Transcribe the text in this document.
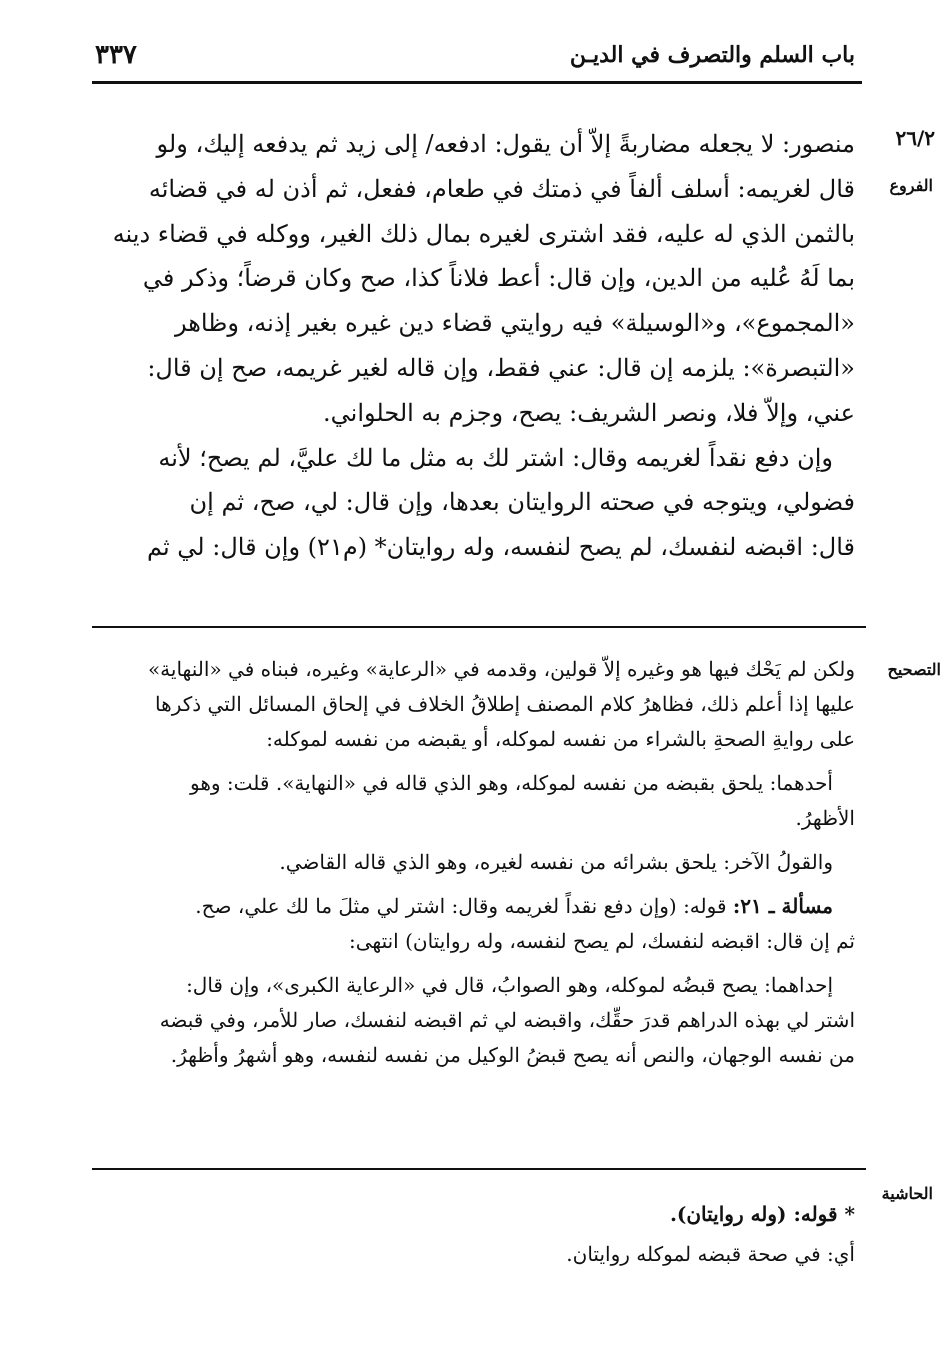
باب السلم والتصرف في الديـن
٣٣٧
٢٦/٢
الفروع
التصحيح
الحاشية
منصور: لا يجعله مضاربةً إلاّ أن يقول: ادفعه/ إلى زيد ثم يدفعه إليك، ولو
قال لغريمه: أسلف ألفاً في ذمتك في طعام، ففعل، ثم أذن له في قضائه
بالثمن الذي له عليه، فقد اشترى لغيره بمال ذلك الغير، ووكله في قضاء دينه
بما لَهُ عُليه من الدين، وإن قال: أعط فلاناً كذا، صح وكان قرضاً؛ وذكر في
«المجموع»، و«الوسيلة» فيه روايتي قضاء دين غيره بغير إذنه، وظاهر
«التبصرة»: يلزمه إن قال: عني فقط، وإن قاله لغير غريمه، صح إن قال:
عني، وإلاّ فلا، ونصر الشريف: يصح، وجزم به الحلواني.
وإن دفع نقداً لغريمه وقال: اشتر لك به مثل ما لك عليَّ، لم يصح؛ لأنه
فضولي، ويتوجه في صحته الروايتان بعدها، وإن قال: لي، صح، ثم إن
قال: اقبضه لنفسك، لم يصح لنفسه، وله روايتان* (م٢١) وإن قال: لي ثم
ولكن لم يَحْك فيها هو وغيره إلاّ قولين، وقدمه في «الرعاية» وغيره، فبناه في «النهاية»
عليها إذا أعلم ذلك، فظاهرُ كلام المصنف إطلاقُ الخلاف في إلحاق المسائل التي ذكرها
على روايةِ الصحةِ بالشراء من نفسه لموكله، أو يقبضه من نفسه لموكله:
أحدهما: يلحق بقبضه من نفسه لموكله، وهو الذي قاله في «النهاية». قلت: وهو
الأظهرُ.
والقولُ الآخر: يلحق بشرائه من نفسه لغيره، وهو الذي قاله القاضي.
مسألة ـ ٢١: قوله: (وإن دفع نقداً لغريمه وقال: اشتر لي مثلَ ما لك علي، صح.
ثم إن قال: اقبضه لنفسك، لم يصح لنفسه، وله روايتان) انتهى:
إحداهما: يصح قبضُه لموكله، وهو الصوابُ، قال في «الرعاية الكبرى»، وإن قال:
اشتر لي بهذه الدراهم قدرَ حقِّك، واقبضه لي ثم اقبضه لنفسك، صار للأمر، وفي قبضه
من نفسه الوجهان، والنص أنه يصح قبضُ الوكيل من نفسه لنفسه، وهو أشهرُ وأظهرُ.
* قوله: (وله روايتان).
أي: في صحة قبضه لموكله روايتان.
